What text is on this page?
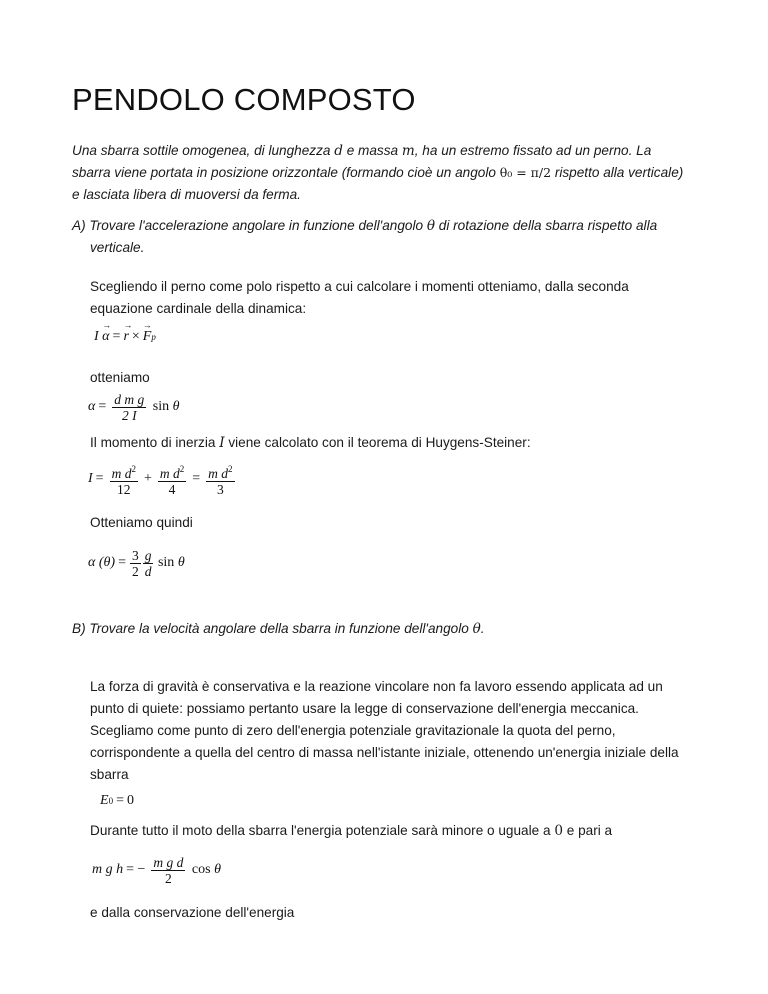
PENDOLO COMPOSTO

Una sbarra sottile omogenea, di lunghezza d e massa m, ha un estremo fissato ad un perno. La

sbarra viene portata in posizione orizzontale (formando cioè un angolo θ₀ = π/2 rispetto alla verticale)

e lasciata libera di muoversi da ferma.

A) Trovare l'accelerazione angolare in funzione dell'angolo θ di rotazione della sbarra rispetto alla

verticale.

Scegliendo il perno come polo rispetto a cui calcolare i momenti otteniamo, dalla seconda

equazione cardinale della dinamica:

I
→ α = → r × → F p

otteniamo

$\alpha = \frac{\text{d m g}}{2 I}$
sin
θ

Il momento di inerzia I viene calcolato con il teorema di Huygens-Steiner:

$I = \frac{m d^2}{12} + \frac{m d^2}{4} = \frac{m d^2}{3}$

Otteniamo quindi

α $(\theta) = \frac{3}{2} \frac{g}{d}$
sin
θ

B) Trovare la velocità angolare della sbarra in funzione dell'angolo θ.

La forza di gravità è conservativa e la reazione vincolare non fa lavoro essendo applicata ad un

punto di quiete: possiamo pertanto usare la legge di conservazione dell'energia meccanica.

Scegliamo come punto di zero dell'energia potenziale gravitazionale la quota del perno,

corrispondente a quella del centro di massa nell'istante iniziale, ottenendo un'energia iniziale della

sbarra

E 0 = 0

Durante tutto il moto della sbarra l'energia potenziale sarà minore o uguale a 0 e pari a

m g h = − $\frac{\text{m g d}}{2}$
cos
θ

e dalla conservazione dell'energia
